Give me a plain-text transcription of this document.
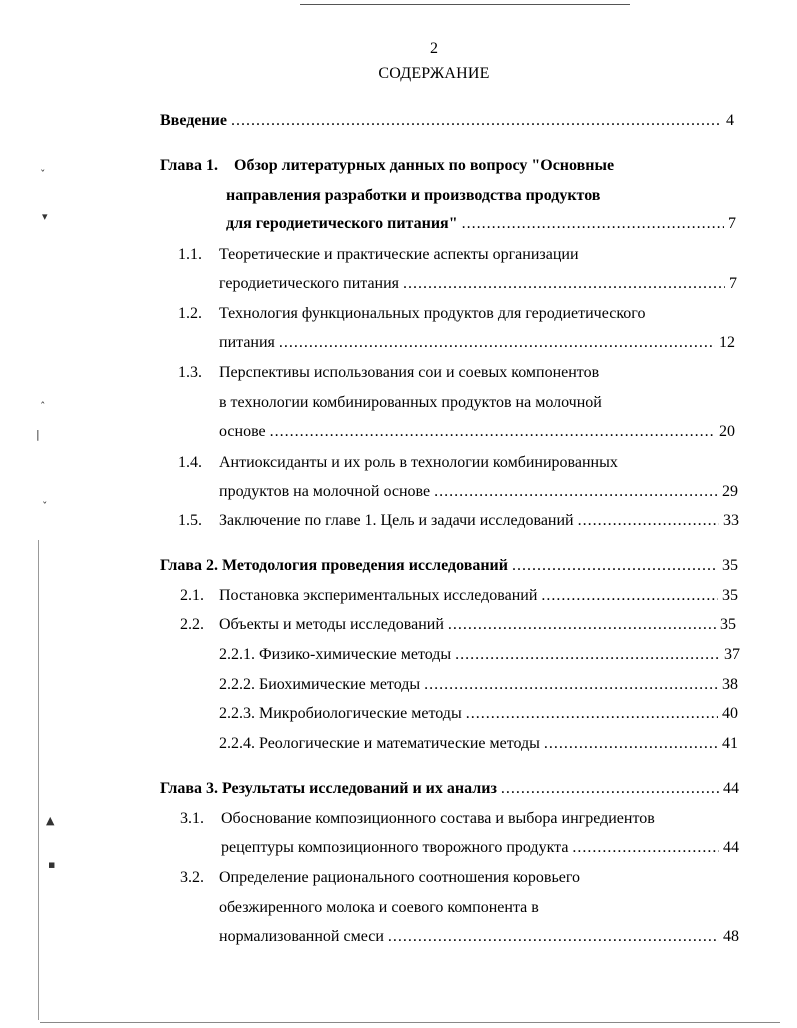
ˇ
▾
ˆ
|
ˇ
▲
▪
2
СОДЕРЖАНИЕ
Введение .....	4
Глава 1. Обзор литературных данных по вопросу "Основные
направления разработки и производства продуктов
для геродиетического питания" .....	7
1.1. Теоретические и практические аспекты организации
геродиетического питания .....	7
1.2. Технология функциональных продуктов для геродиетического
питания .....	12
1.3. Перспективы использования сои и соевых компонентов
в технологии комбинированных продуктов на молочной
основе .....	20
1.4. Антиоксиданты и их роль в технологии комбинированных
продуктов на молочной основе .....	29
1.5. Заключение по главе 1. Цель и задачи исследований .....	33
Глава 2. Методология проведения исследований .....	35
2.1. Постановка экспериментальных исследований .....	35
2.2. Объекты и методы исследований .....	35
2.2.1. Физико-химические методы .....	37
2.2.2. Биохимические методы .....	38
2.2.3. Микробиологические методы .....	40
2.2.4. Реологические и математические методы .....	41
Глава 3. Результаты исследований и их анализ .....	44
3.1. Обоснование композиционного состава и выбора ингредиентов
рецептуры композиционного творожного продукта .....	44
3.2. Определение рационального соотношения коровьего
обезжиренного молока и соевого компонента в
нормализованной смеси .....	48
